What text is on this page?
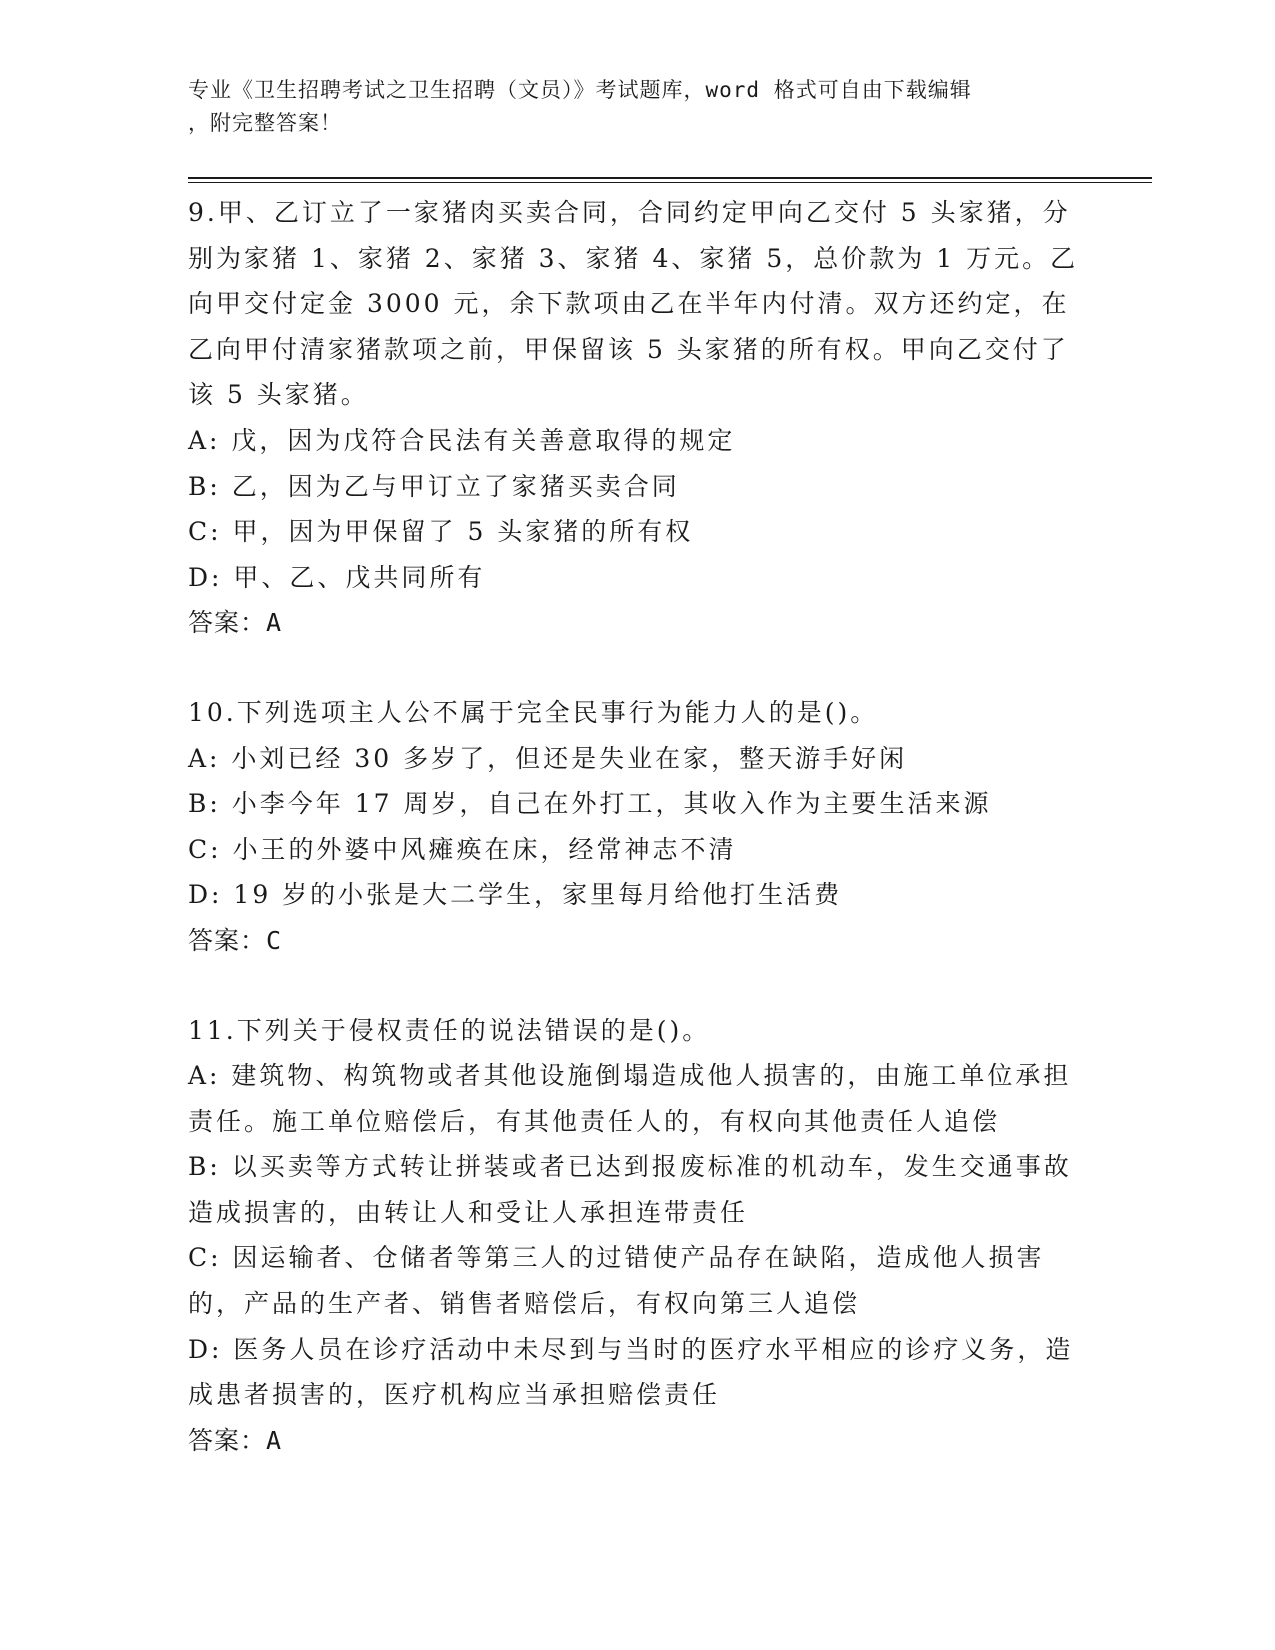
专业《卫生招聘考试之卫生招聘（文员）》考试题库，word 格式可自由下载编辑
，附完整答案！

9.甲、乙订立了一家猪肉买卖合同，合同约定甲向乙交付 5 头家猪，分别为家猪 1、家猪 2、家猪 3、家猪 4、家猪 5，总价款为 1 万元。乙向甲交付定金 3000 元，余下款项由乙在半年内付清。双方还约定，在乙向甲付清家猪款项之前，甲保留该 5 头家猪的所有权。甲向乙交付了该 5 头家猪。

A: 戊，因为戊符合民法有关善意取得的规定

B: 乙，因为乙与甲订立了家猪买卖合同

C: 甲，因为甲保留了 5 头家猪的所有权

D: 甲、乙、戊共同所有

答案：A

10.下列选项主人公不属于完全民事行为能力人的是()。

A: 小刘已经 30 多岁了，但还是失业在家，整天游手好闲

B: 小李今年 17 周岁，自己在外打工，其收入作为主要生活来源

C: 小王的外婆中风瘫痪在床，经常神志不清

D: 19 岁的小张是大二学生，家里每月给他打生活费

答案：C

11.下列关于侵权责任的说法错误的是()。

A: 建筑物、构筑物或者其他设施倒塌造成他人损害的，由施工单位承担责任。施工单位赔偿后，有其他责任人的，有权向其他责任人追偿

B: 以买卖等方式转让拼装或者已达到报废标准的机动车，发生交通事故造成损害的，由转让人和受让人承担连带责任

C: 因运输者、仓储者等第三人的过错使产品存在缺陷，造成他人损害的，产品的生产者、销售者赔偿后，有权向第三人追偿

D: 医务人员在诊疗活动中未尽到与当时的医疗水平相应的诊疗义务，造成患者损害的，医疗机构应当承担赔偿责任

答案：A
